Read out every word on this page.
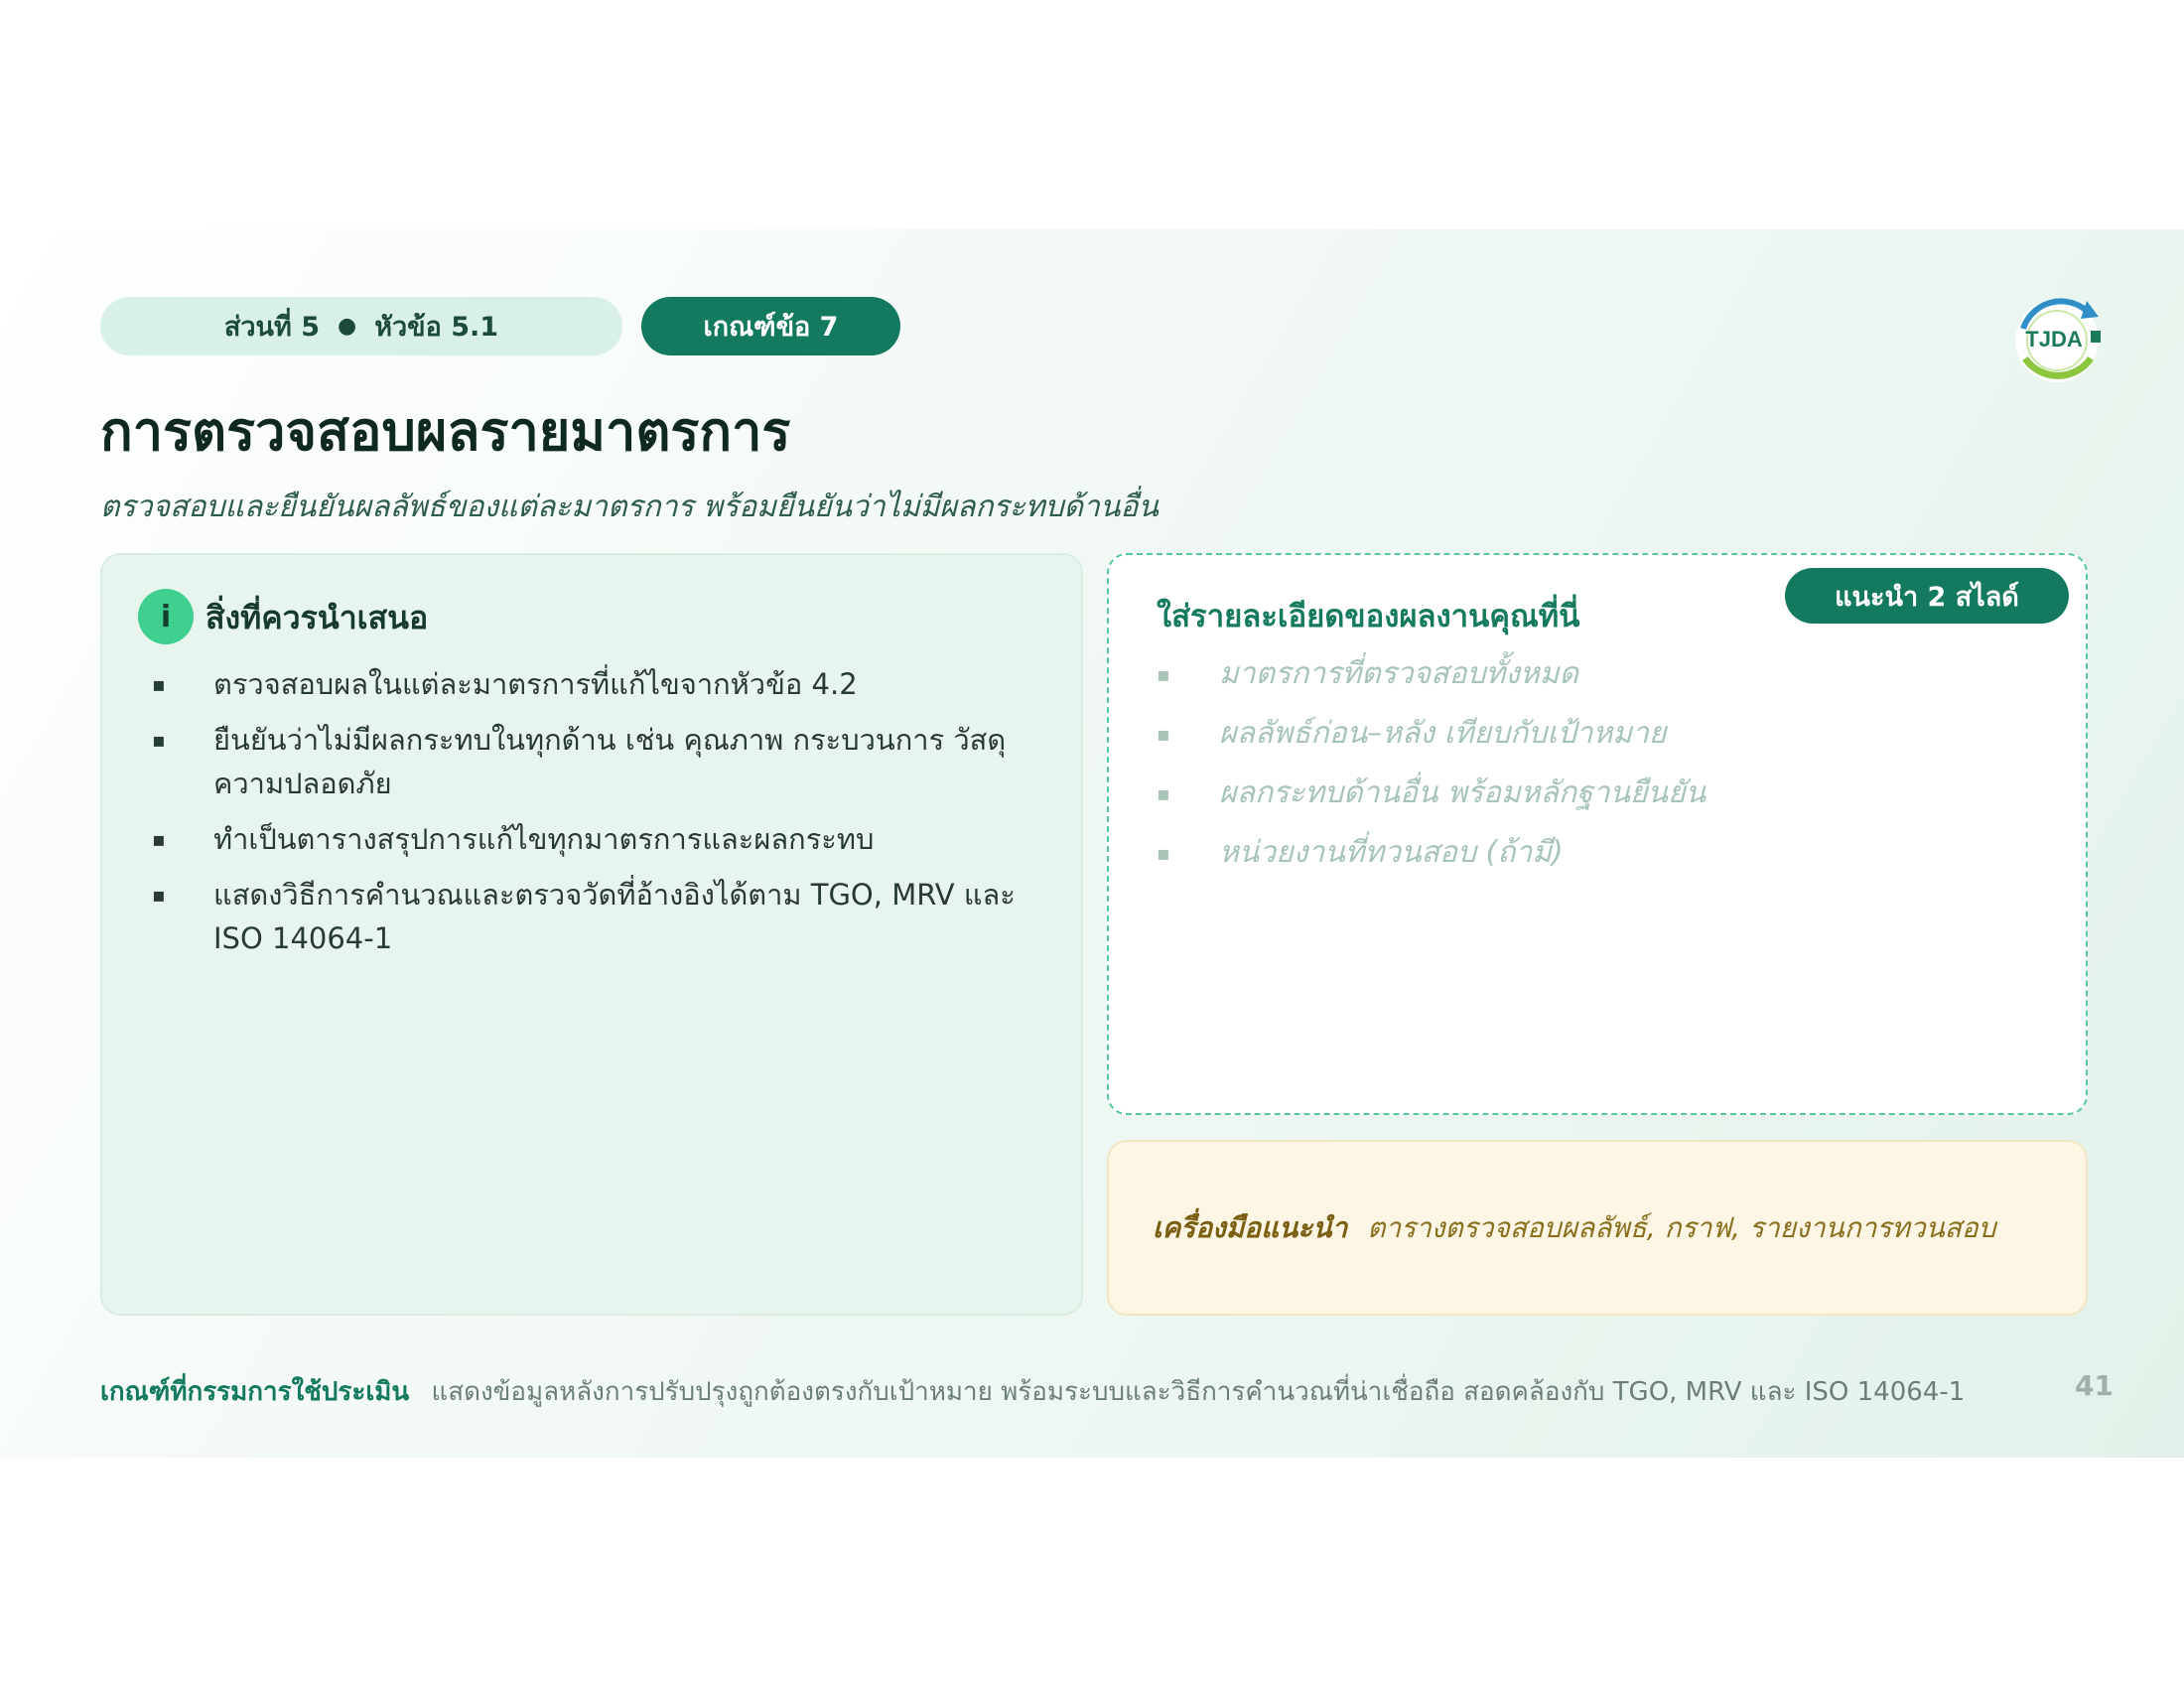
ส่วนที่ 5 ● หัวข้อ 5.1	เกณฑ์ข้อ 7	TJDA
การตรวจสอบผลรายมาตรการ

ตรวจสอบและยืนยันผลลัพธ์ของแต่ละมาตรการ พร้อมยืนยันว่าไม่มีผลกระทบด้านอื่น

i	สิ่งที่ควรนำเสนอ
▪ ตรวจสอบผลในแต่ละมาตรการที่แก้ไขจากหัวข้อ 4.2
▪ ยืนยันว่าไม่มีผลกระทบในทุกด้าน เช่น คุณภาพ กระบวนการ วัสดุ ความปลอดภัย
▪ ทำเป็นตารางสรุปการแก้ไขทุกมาตรการและผลกระทบ
▪ แสดงวิธีการคำนวณและตรวจวัดที่อ้างอิงได้ตาม TGO, MRV และ ISO 14064-1
ใส่รายละเอียดของผลงานคุณที่นี่
แนะนำ 2 สไลด์
▪ มาตรการที่ตรวจสอบทั้งหมด
▪ ผลลัพธ์ก่อน–หลัง เทียบกับเป้าหมาย
▪ ผลกระทบด้านอื่น พร้อมหลักฐานยืนยัน
▪ หน่วยงานที่ทวนสอบ (ถ้ามี)
เครื่องมือแนะนำ ตารางตรวจสอบผลลัพธ์, กราฟ, รายงานการทวนสอบ
เกณฑ์ที่กรรมการใช้ประเมิน แสดงข้อมูลหลังการปรับปรุงถูกต้องตรงกับเป้าหมาย พร้อมระบบและวิธีการคำนวณที่น่าเชื่อถือ สอดคล้องกับ TGO, MRV และ ISO 14064-1	41
